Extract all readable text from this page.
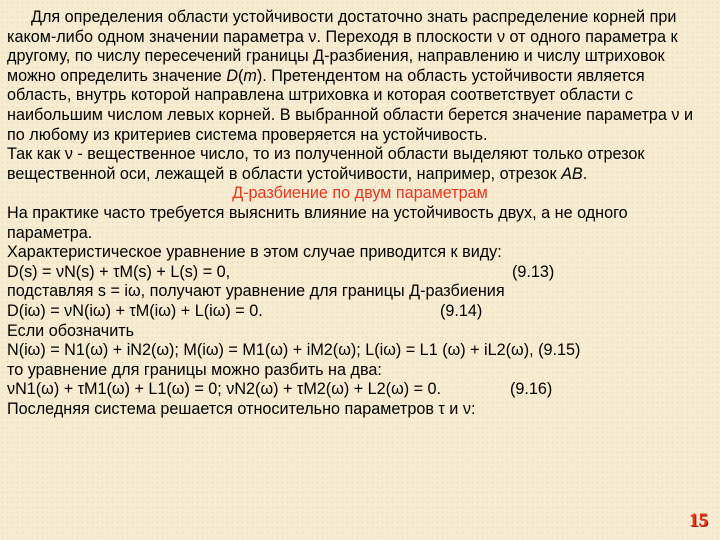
Для определения области устойчивости достаточно знать распределение корней при каком-либо одном значении параметра ν. Переходя в плоскости ν от одного параметра к другому, по числу пересечений границы Д-разбиения, направлению и числу штриховок можно определить значение D(m). Претендентом на область устойчивости является область, внутрь которой направлена штриховка и которая соответствует области с наибольшим числом левых корней. В выбранной области берется значение параметра ν и по любому из критериев система проверяется на устойчивость.

Так как ν - вещественное число, то из полученной области выделяют только отрезок вещественной оси, лежащей в области устойчивости, например, отрезок AB.

Д-разбиение по двум параметрам

На практике часто требуется выяснить влияние на устойчивость двух, а не одного параметра.

Характеристическое уравнение в этом случае приводится к виду:

D(s) = νN(s) + τM(s) + L(s) = 0,	(9.13)

подставляя s = iω, получают уравнение для границы Д-разбиения

D(iω) = νN(iω) + τM(iω) + L(iω) = 0.	(9.14)

Если обозначить

N(iω) = N1(ω) + iN2(ω); M(iω) = M1(ω) + iM2(ω); L(iω) = L1 (ω) + iL2(ω), (9.15)

то уравнение для границы можно разбить на два:

νN1(ω) + τM1(ω) + L1(ω) = 0; νN2(ω) + τM2(ω) + L2(ω) = 0.	(9.16)

Последняя система решается относительно параметров τ и ν:

15
